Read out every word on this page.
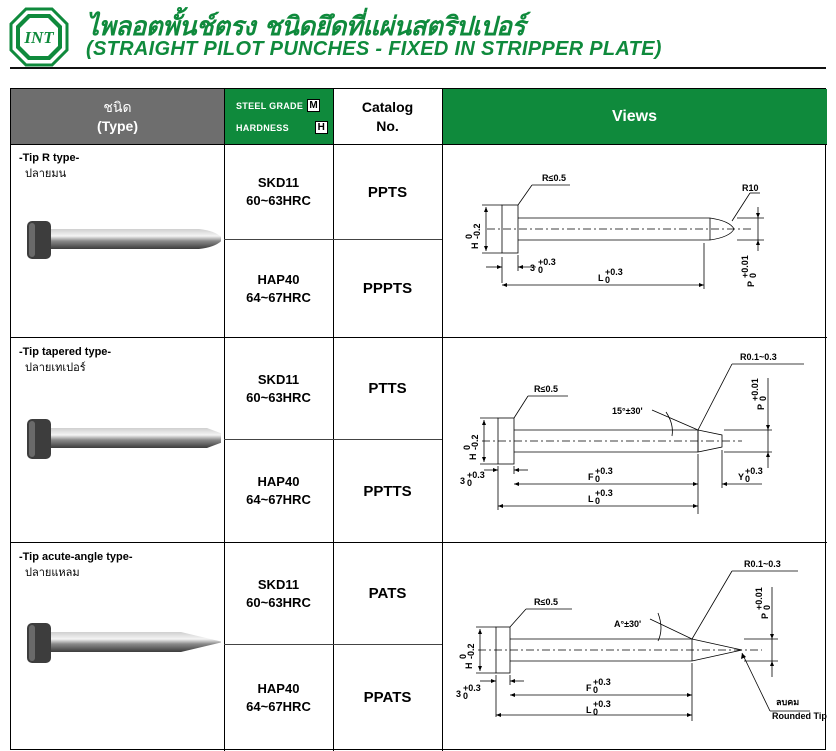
INT ไพลอตพั้นช์ตรง ชนิดยึดที่แผ่นสตริปเปอร์
(STRAIGHT PILOT PUNCHES - FIXED IN STRIPPER PLATE)
ชนิด
(Type)
STEEL GRADE M
HARDNESS	H
Catalog
No.
Views
-Tip R type-
ปลายมน
SKD11
60~63HRC	PPTS
HAP40
64~67HRC	PPPTS
R≤0.5
R10
H
0
-0.2
3
+0.3
0
L
+0.3
0	P
+0.01
0
-Tip tapered type-
ปลายเทเปอร์
SKD11
60~63HRC	PTTS
HAP40
64~67HRC	PPTTS
R≤0.5
R0.1~0.3
15°±30'
H
0
-0.2
3
+0.3
0
F
+0.3
0	Y
+0.3
0
L
+0.3
0
P
+0.01
0
-Tip acute-angle type-
ปลายแหลม
SKD11
60~63HRC	PATS
HAP40
64~67HRC	PPATS
R≤0.5
R0.1~0.3
A°±30'
H
0
-0.2
3
+0.3
0
F
+0.3
0
L
+0.3
0
P
+0.01
0
ลบคม
Rounded Tip
